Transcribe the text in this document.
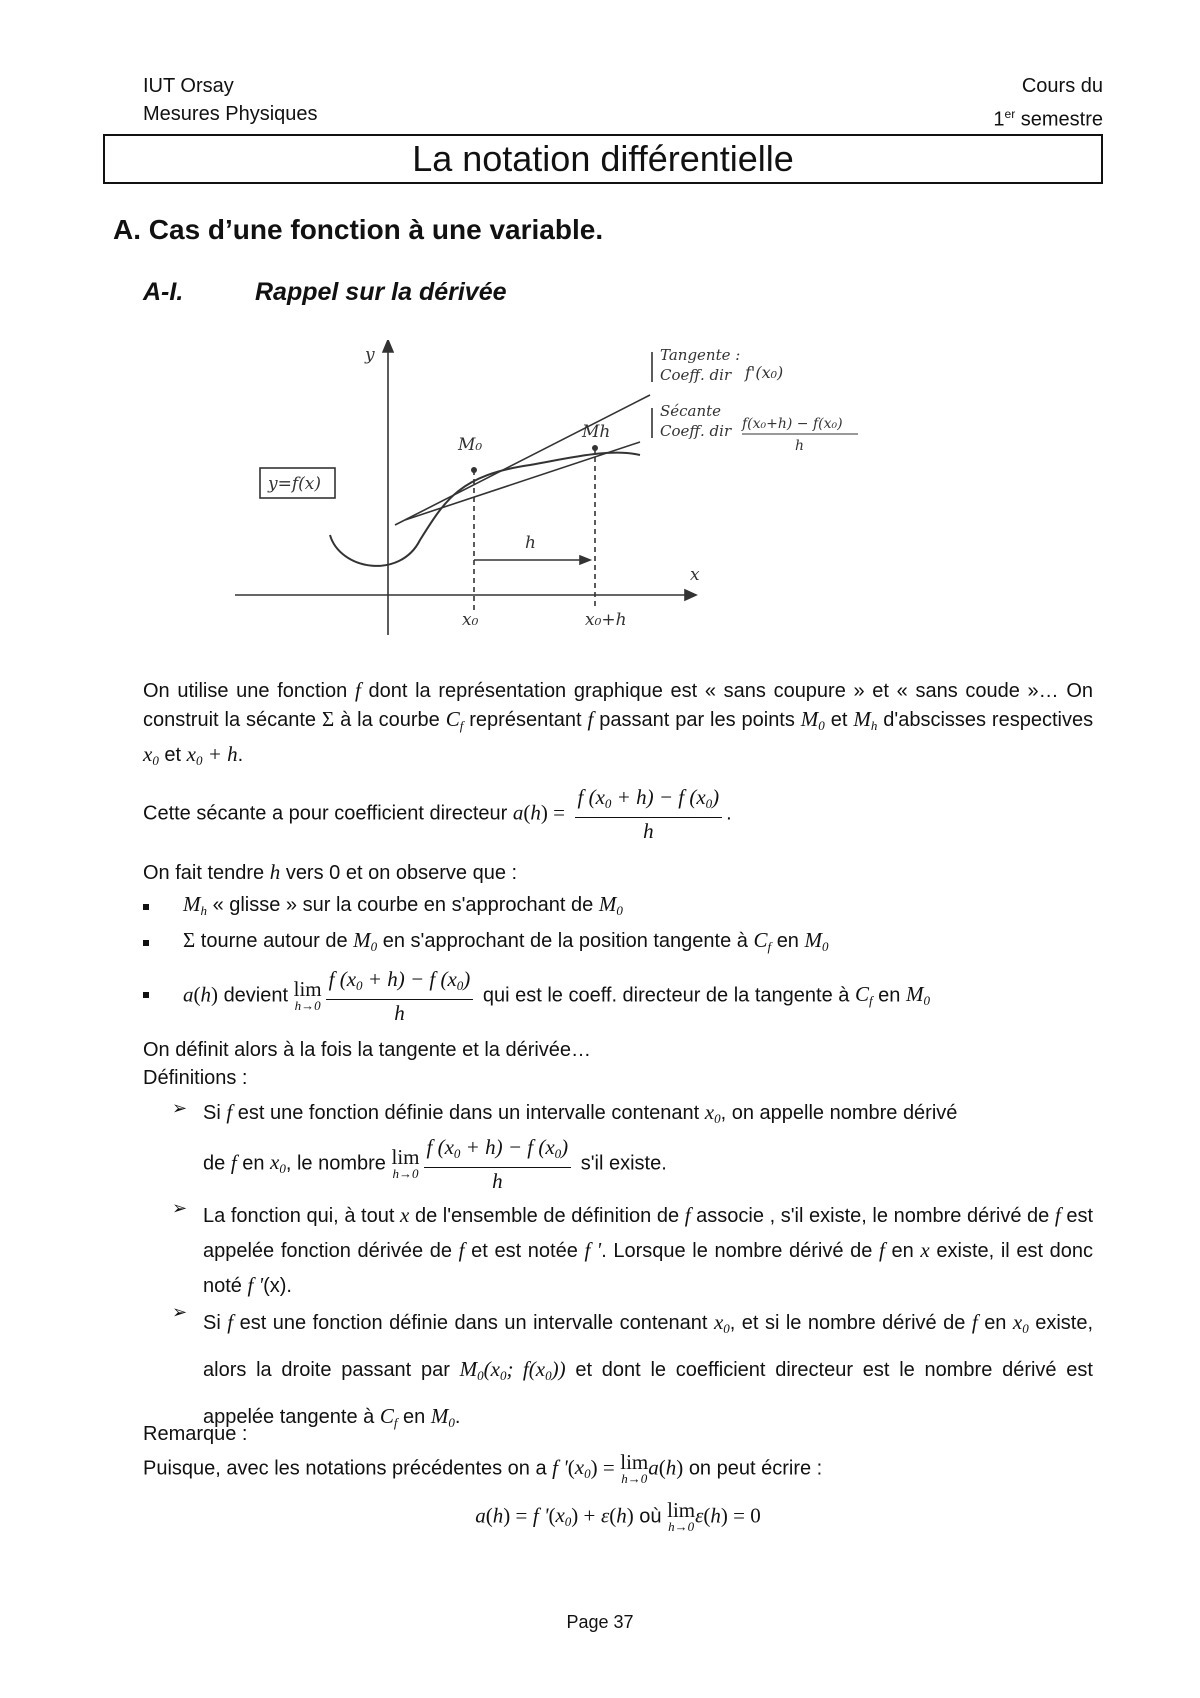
IUT Orsay
Mesures Physiques
Cours du
1er semestre
La notation différentielle
A. Cas d’une fonction à une variable.
A-I.	Rappel sur la dérivée
y
x
y=f(x)
M₀
Mh
h
x₀	x₀+h
Tangente :
Coeff. dir f'(x₀)
Sécante
Coeff. dir f(x₀+h) − f(x₀)
h
On utilise une fonction f dont la représentation graphique est « sans coupure » et « sans coude »… On construit la sécante Σ à la courbe $C_f$ représentant f passant par les points $M_0$ et $M_h$ d'abscisses respectives $x_0$ et $x_0 + h$.
Cette sécante a pour coefficient directeur $a(h) = \frac{f (x_0 + h) - f (x_0)}{h}$ .
On fait tendre h vers 0 et on observe que :
$M_h$ « glisse » sur la courbe en s'approchant de $M_0$
Σ tourne autour de $M_0$ en s'approchant de la position tangente à $C_f$ en $M_0$
a(h) devient lim
$h\to 0 \frac{f (x_0 + h) - f (x_0)}{h}$ qui est le coeff. directeur de la tangente à $C_f$ en $M_0$
On définit alors à la fois la tangente et la dérivée…
Définitions :
➢ Si f est une fonction définie dans un intervalle contenant $x_0$, on appelle nombre dérivé
de f en $x_0$, le nombre lim
$h\to 0 \frac{f (x_0 + h) - f (x_0)}{h} s'il$ existe.
➢ La fonction qui, à tout x de l'ensemble de définition de f associe , s'il existe, le nombre dérivé de f est appelée fonction dérivée de f et est notée f '. Lorsque le nombre dérivé de f en x existe, il est donc noté f '(x).
➢ Si f est une fonction définie dans un intervalle contenant $x_0$, et si le nombre dérivé de f en $x_0$ existe, alors la droite passant par $M_0(x_0$; $f(x_0)$) et dont le coefficient directeur est le nombre dérivé est appelée tangente à $C_f$ en $M_0$.
Remarque :
Puisque, avec les notations précédentes on a f '$(x_0) = \lim$
h→0 a(h) on peut écrire :
a(h) = f '$(x_0) + \varepsilon(h)$ où lim
h→0 ε(h) = 0
Page 37
